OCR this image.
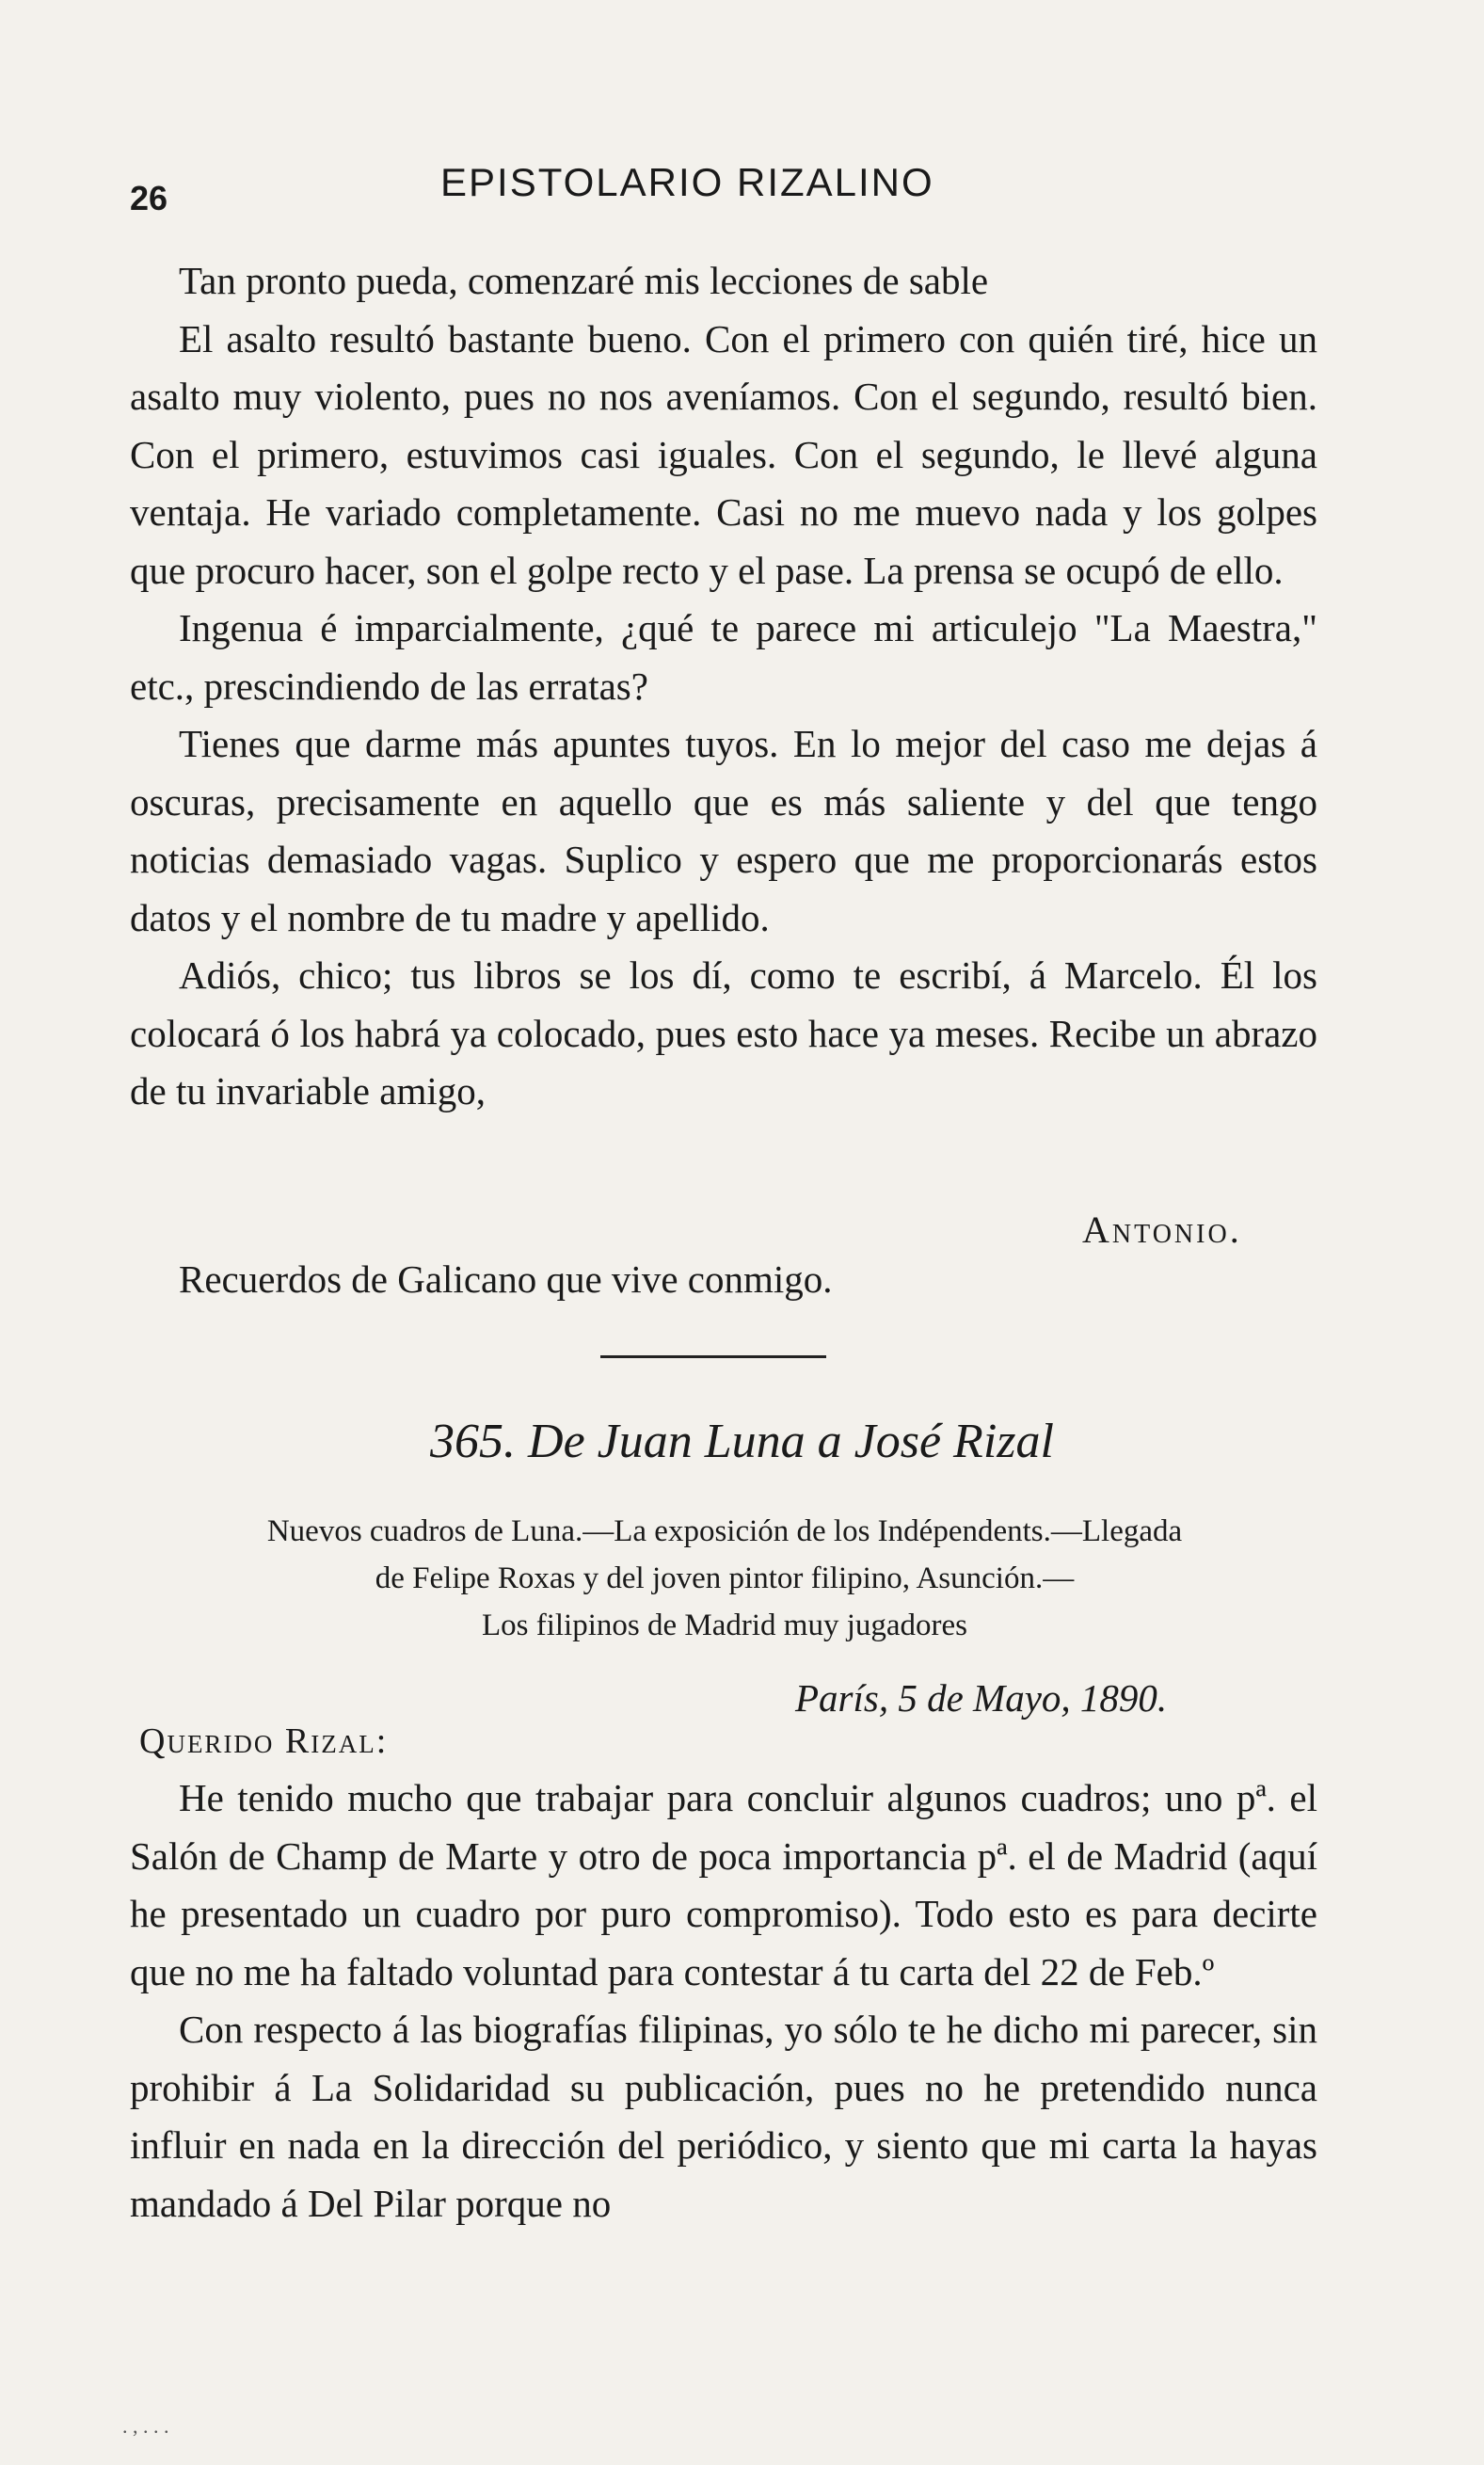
26	EPISTOLARIO RIZALINO

Tan pronto pueda, comenzaré mis lecciones de sable

El asalto resultó bastante bueno. Con el primero con quién tiré, hice un asalto muy violento, pues no nos aveníamos. Con el segundo, resultó bien. Con el primero, estuvimos casi iguales. Con el segundo, le llevé alguna ventaja. He variado completamente. Casi no me muevo nada y los golpes que procuro hacer, son el golpe recto y el pase. La prensa se ocupó de ello.

Ingenua é imparcialmente, ¿qué te parece mi articulejo "La Maestra," etc., prescindiendo de las erratas?

Tienes que darme más apuntes tuyos. En lo mejor del caso me dejas á oscuras, precisamente en aquello que es más saliente y del que tengo noticias demasiado vagas. Suplico y espero que me proporcionarás estos datos y el nombre de tu madre y apellido.

Adiós, chico; tus libros se los dí, como te escribí, á Marcelo. Él los colocará ó los habrá ya colocado, pues esto hace ya meses. Recibe un abrazo de tu invariable amigo,

Antonio.
Recuerdos de Galicano que vive conmigo.
365. De Juan Luna a José Rizal
Nuevos cuadros de Luna.—La exposición de los Indépendents.—Llegada
de Felipe Roxas y del joven pintor filipino, Asunción.—
Los filipinos de Madrid muy jugadores
París, 5 de Mayo, 1890.
Querido Rizal:

He tenido mucho que trabajar para concluir algunos cuadros; uno pª. el Salón de Champ de Marte y otro de poca importancia pª. el de Madrid (aquí he presentado un cuadro por puro compromiso). Todo esto es para decirte que no me ha faltado voluntad para contestar á tu carta del 22 de Feb.º

Con respecto á las biografías filipinas, yo sólo te he dicho mi parecer, sin prohibir á La Solidaridad su publicación, pues no he pretendido nunca influir en nada en la dirección del periódico, y siento que mi carta la hayas mandado á Del Pilar porque no

. , . . .
